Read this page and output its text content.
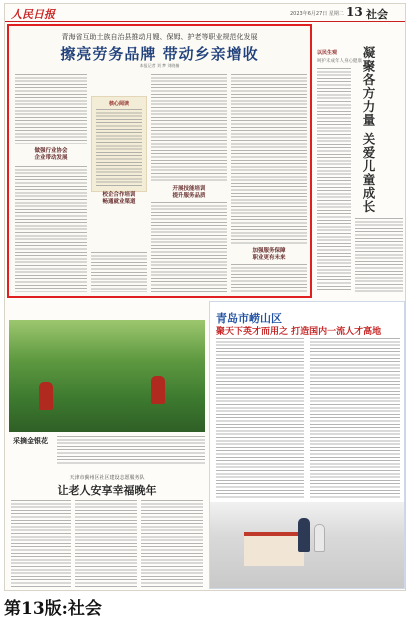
人民日报	2023年6月27日 星期二 13 社会
青海省互助土族自治县推动月嫂、保姆、护老等职业规范化发展
擦亮劳务品牌 带动乡亲增收
本报记者 刘 梦 刘晓楠
做强行业协会
企业带动发展
核心阅读
校企合作培训
畅通就业渠道
开展技能培训
提升服务品质
加强服务保障
职业更有未来
以民生观
呵护未成年人身心健康 凝聚各方力量 关爱儿童成长
采摘金银花
天津市蓟州区社区建设志愿服务队
让老人安享幸福晚年
青岛市崂山区
聚天下英才而用之 打造国内一流人才高地
第13版:社会
